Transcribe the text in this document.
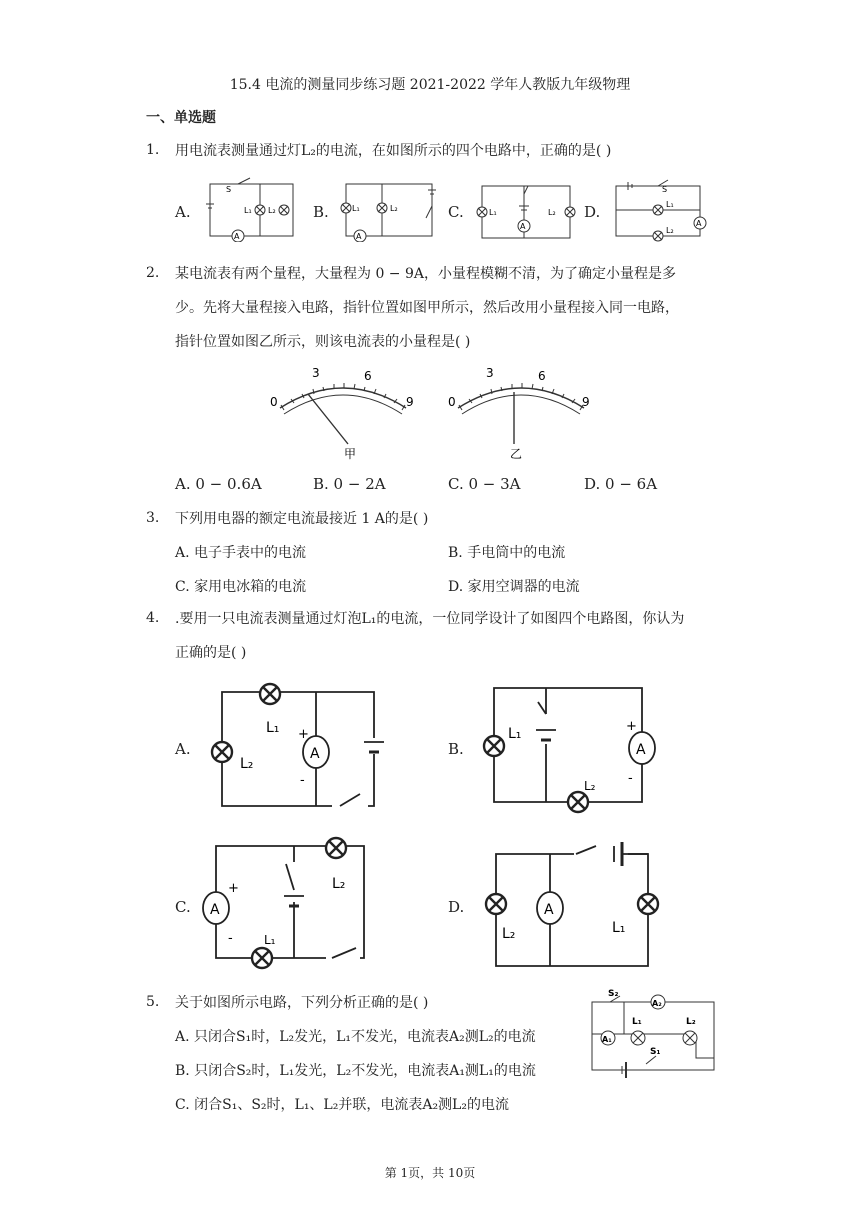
15.4 电流的测量同步练习题 2021-2022 学年人教版九年级物理
一、单选题
1. 用电流表测量通过灯L₂的电流，在如图所示的四个电路中，正确的是( )
A.
S
L₁ L₂
A
B.	L₁	L₂
A
C.	L₁	L₂
A
D.
S
L₁
L₂
A
2. 某电流表有两个量程，大量程为 0 − 9A，小量程模糊不清，为了确定小量程是多
少。先将大量程接入电路，指针位置如图甲所示，然后改用小量程接入同一电路，
指针位置如图乙所示，则该电流表的小量程是( )
0
3	6
9
甲
0
3	6
9
乙
A. 0 − 0.6A	B. 0 − 2A	C. 0 − 3A	D. 0 − 6A
3. 下列用电器的额定电流最接近 1 A的是( )
A. 电子手表中的电流	B. 手电筒中的电流
C. 家用电冰箱的电流	D. 家用空调器的电流
4. .要用一只电流表测量通过灯泡L₁的电流，一位同学设计了如图四个电路图，你认为
正确的是( )
A.	A
L₁
L₂
+
-
B.	A
L₁
L₂
+
-
C. A
L₂
L₁
+
-
D.	A
L₂	L₁
5. 关于如图所示电路，下列分析正确的是( )
A. 只闭合S₁时，L₂发光，L₁不发光，电流表A₂测L₂的电流
B. 只闭合S₂时，L₁发光，L₂不发光，电流表A₁测L₁的电流
C. 闭合S₁、S₂时，L₁、L₂并联，电流表A₂测L₂的电流
S₂
A₂
A₁
L₁	L₂
S₁
第 1页，共 10页
